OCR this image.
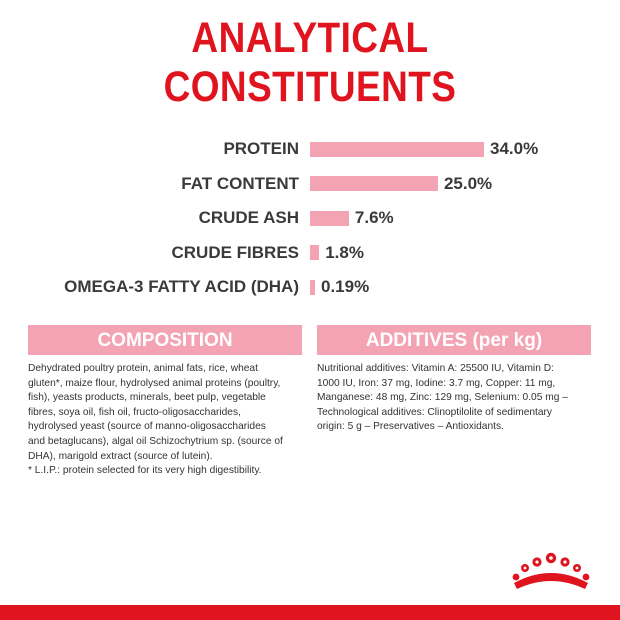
ANALYTICAL
CONSTITUENTS
PROTEIN	34.0%
FAT CONTENT	25.0%
CRUDE ASH	7.6%
CRUDE FIBRES 1.8%
OMEGA-3 FATTY ACID (DHA) 0.19%
COMPOSITION
Dehydrated poultry protein, animal fats, rice, wheat
gluten*, maize flour, hydrolysed animal proteins (poultry,
fish), yeasts products, minerals, beet pulp, vegetable
fibres, soya oil, fish oil, fructo-oligosaccharides,
hydrolysed yeast (source of manno-oligosaccharides
and betaglucans), algal oil Schizochytrium sp. (source of
DHA), marigold extract (source of lutein).
* L.I.P.: protein selected for its very high digestibility.
ADDITIVES (per kg)
Nutritional additives: Vitamin A: 25500 IU, Vitamin D:
1000 IU, Iron: 37 mg, Iodine: 3.7 mg, Copper: 11 mg,
Manganese: 48 mg, Zinc: 129 mg, Selenium: 0.05 mg –
Technological additives: Clinoptilolite of sedimentary
origin: 5 g – Preservatives – Antioxidants.
